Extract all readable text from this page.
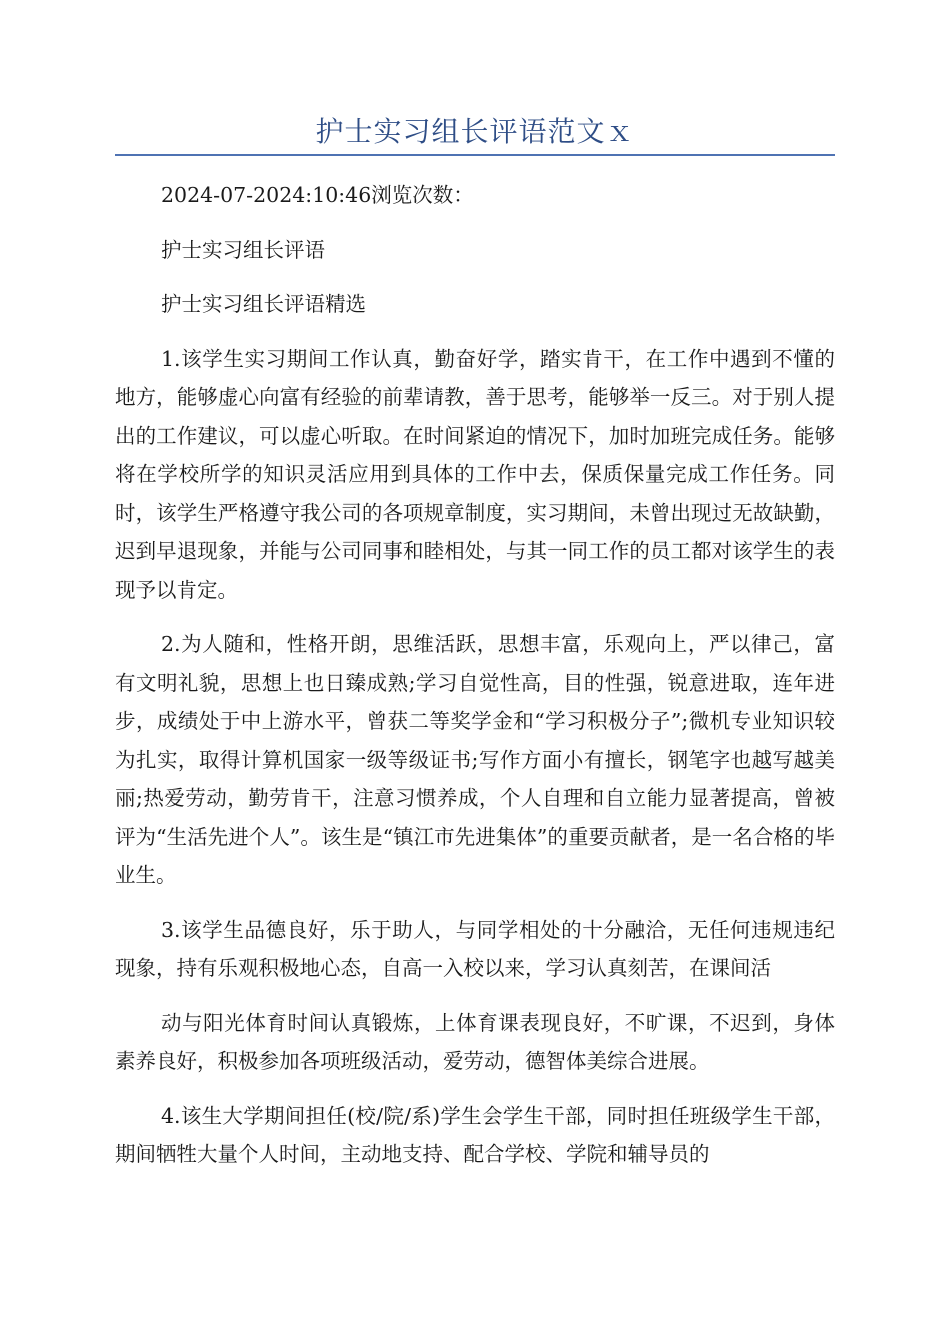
护士实习组长评语范文ｘ

2024-07-2024:10:46浏览次数：

护士实习组长评语

护士实习组长评语精选

1.该学生实习期间工作认真，勤奋好学，踏实肯干，在工作中遇到不懂的地方，能够虚心向富有经验的前辈请教，善于思考，能够举一反三。对于别人提出的工作建议，可以虚心听取。在时间紧迫的情况下，加时加班完成任务。能够将在学校所学的知识灵活应用到具体的工作中去，保质保量完成工作任务。同时，该学生严格遵守我公司的各项规章制度，实习期间，未曾出现过无故缺勤，迟到早退现象，并能与公司同事和睦相处，与其一同工作的员工都对该学生的表现予以肯定。

2.为人随和，性格开朗，思维活跃，思想丰富，乐观向上，严以律己，富有文明礼貌，思想上也日臻成熟;学习自觉性高，目的性强，锐意进取，连年进步，成绩处于中上游水平，曾获二等奖学金和“学习积极分子”;微机专业知识较为扎实，取得计算机国家一级等级证书;写作方面小有擅长，钢笔字也越写越美丽;热爱劳动，勤劳肯干，注意习惯养成，个人自理和自立能力显著提高，曾被评为“生活先进个人”。该生是“镇江市先进集体”的重要贡献者，是一名合格的毕业生。

3.该学生品德良好，乐于助人，与同学相处的十分融洽，无任何违规违纪现象，持有乐观积极地心态，自高一入校以来，学习认真刻苦，在课间活

动与阳光体育时间认真锻炼，上体育课表现良好，不旷课，不迟到，身体素养良好，积极参加各项班级活动，爱劳动，德智体美综合进展。

4.该生大学期间担任(校/院/系)学生会学生干部，同时担任班级学生干部，期间牺牲大量个人时间，主动地支持、配合学校、学院和辅导员的
